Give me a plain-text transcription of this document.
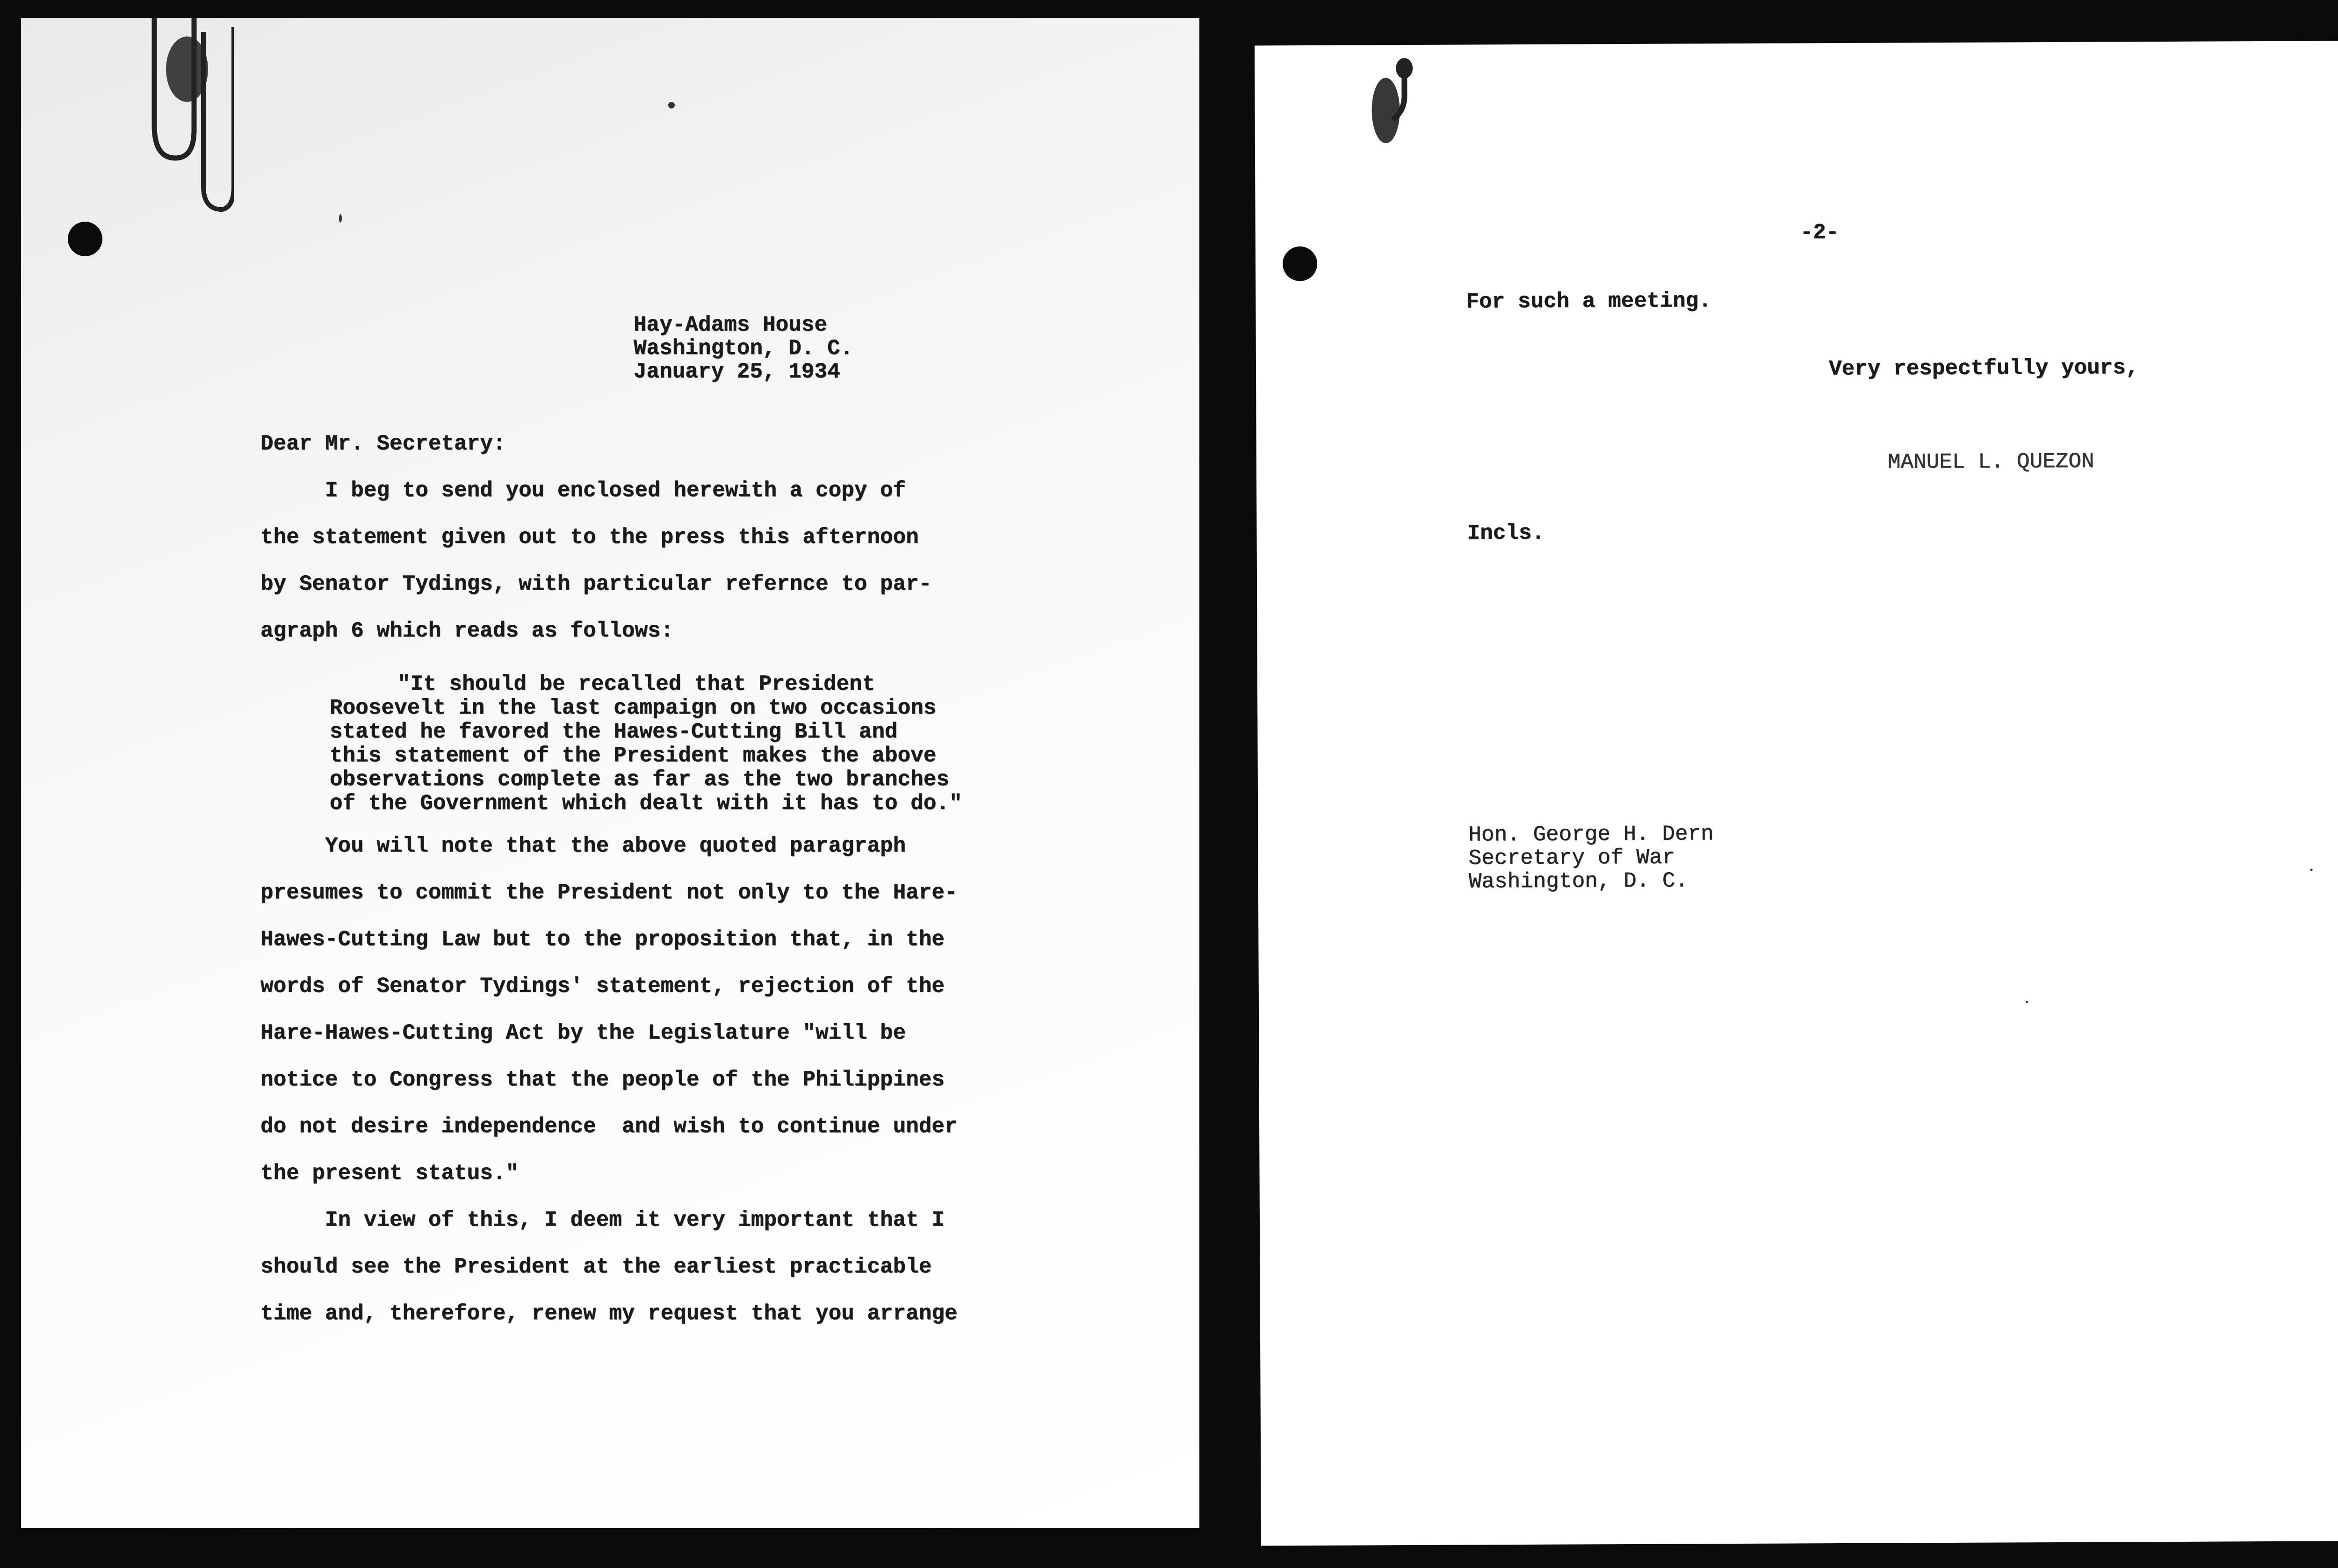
Hay-Adams House

Washington, D. C.

January 25, 1934

Dear Mr. Secretary:

I beg to send you enclosed herewith a copy of

the statement given out to the press this afternoon

by Senator Tydings, with particular refernce to par-

agraph 6 which reads as follows:

"It should be recalled that President

Roosevelt in the last campaign on two occasions

stated he favored the Hawes-Cutting Bill and

this statement of the President makes the above

observations complete as far as the two branches

of the Government which dealt with it has to do."

You will note that the above quoted paragraph

presumes to commit the President not only to the Hare-

Hawes-Cutting Law but to the proposition that, in the

words of Senator Tydings' statement, rejection of the

Hare-Hawes-Cutting Act by the Legislature "will be

notice to Congress that the people of the Philippines

do not desire independence  and wish to continue under

the present status."

In view of this, I deem it very important that I

should see the President at the earliest practicable

time and, therefore, renew my request that you arrange

-2-

For such a meeting.

Very respectfully yours,

MANUEL L. QUEZON

Incls.

Hon. George H. Dern

Secretary of War

Washington, D. C.
